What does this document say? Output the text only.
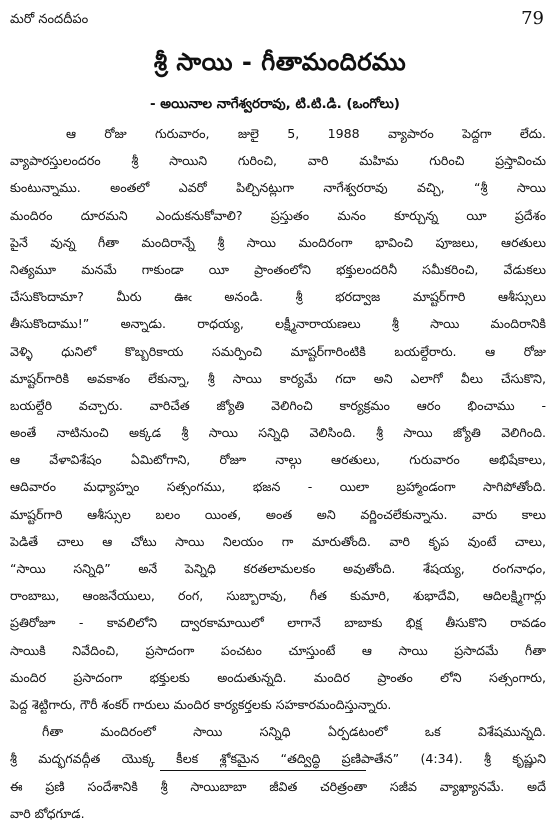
మరో నందదీపం	79
శ్రీ సాయి - గీతామందిరము
- అయినాల నాగేశ్వరరావు, టి.టి.డి. (ఒంగోలు)
ఆ రోజు గురువారం, జులై 5, 1988 వ్యాపారం పెద్దగా లేదు.
వ్యాపారస్తులందరం శ్రీ సాయిని గురించి, వారి మహిమ గురించి ప్రస్తావించు
కుంటున్నాము. అంతలో ఎవరో పిల్చినట్లుగా నాగేశ్వరరావు వచ్చి, “శ్రీ సాయి
మందిరం దూరమని ఎందుకనుకోవాలి? ప్రస్తుతం మనం కూర్చున్న యీ ప్రదేశం
పైనే వున్న గీతా మందిరాన్నే శ్రీ సాయి మందిరంగా భావించి పూజలు, ఆరతులు
నిత్యమూ మనమే గాకుండా యీ ప్రాంతంలోని భక్తులందరినీ సమీకరించి, వేడుకలు
చేసుకొందామా? మీరు ఊఁ అనండి. శ్రీ భరద్వాజ మాష్టర్‌గారి ఆశీస్సులు
తీసుకొందాము!” అన్నాడు. రాధయ్య, లక్ష్మీనారాయణలు శ్రీ సాయి మందిరానికి
వెళ్ళి ధునిలో కొబ్బరికాయ సమర్పించి మాష్టర్‌గారింటికి బయల్దేరారు. ఆ రోజు
మాష్టర్‌గారికి అవకాశం లేకున్నా, శ్రీ సాయి కార్యమే గదా అని ఎలాగో వీలు చేసుకొని,
బయల్దేరి వచ్చారు. వారిచేత జ్యోతి వెలిగించి కార్యక్రమం ఆరం భించాము -
అంతే నాటినుంచి అక్కడ శ్రీ సాయి సన్నిధి వెలిసింది. శ్రీ సాయి జ్యోతి వెలిగింది.
ఆ వేళావిశేషం ఏమిటోగాని, రోజూ నాల్గు ఆరతులు, గురువారం అభిషేకాలు,
ఆదివారం మధ్యాహ్నం సత్సంగము, భజన - యిలా బ్రహ్మాండంగా సాగిపోతోంది.
మాష్టర్‌గారి ఆశీస్సుల బలం యింత, అంత అని వర్ణించలేకున్నాను. వారు కాలు
పెడితే చాలు ఆ చోటు సాయి నిలయం గా మారుతోంది. వారి కృప వుంటే చాలు,
“సాయి సన్నిధి” అనే పెన్నిధి కరతలామలకం అవుతోంది. శేషయ్య, రంగనాధం,
రాంబాబు, ఆంజనేయులు, రంగ, సుబ్బారావు, గీత కుమారి, శుభాదేవి, ఆదిలక్ష్మిగార్లు
ప్రతిరోజూ - కావలిలోని ద్వారకామాయిలో లాగానే బాబాకు భిక్ష తీసుకొని రావడం
సాయికి నివేదించి, ప్రసాదంగా పంచటం చూస్తుంటే ఆ సాయి ప్రసాదమే గీతా
మందిర ప్రసాదంగా భక్తులకు అందుతున్నది. మందిర ప్రాంతం లోని సత్సంగారు,
పెద్ద శెట్టిగారు, గౌరీ శంకర్ గారులు మందిర కార్యకర్తలకు సహకారమందిస్తున్నారు.
గీతా మందిరంలో సాయి సన్నిధి ఏర్పడటంలో ఒక విశేషమున్నది.
శ్రీ మద్భగవద్గీత యొక్క కీలక శ్లోకమైన “తద్విద్ధి ప్రణిపాతేన” (4:34). శ్రీ కృష్ణుని
ఈ ప్రణి సందేశానికి శ్రీ సాయిబాబా జీవిత చరిత్రంతా సజీవ వ్యాఖ్యానమే. అదే
వారి బోధగూడ.
